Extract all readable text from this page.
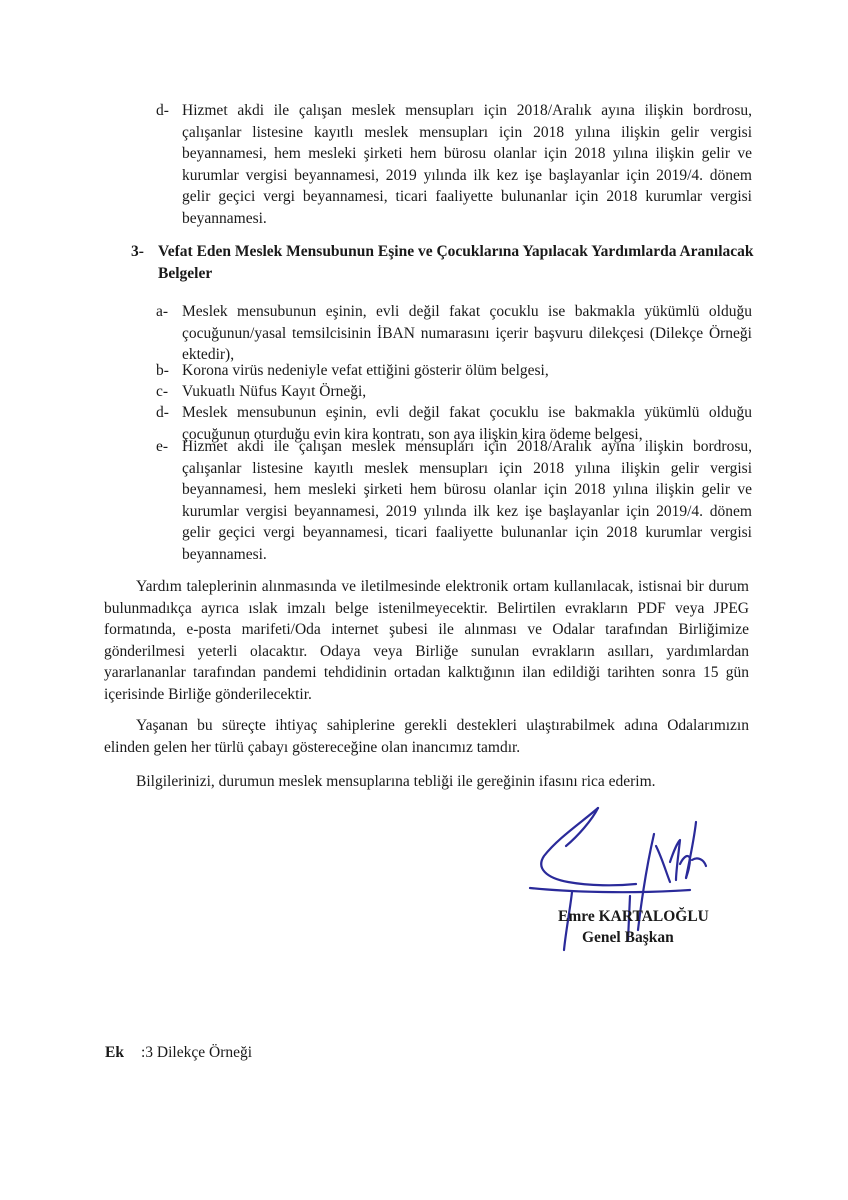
d- Hizmet akdi ile çalışan meslek mensupları için 2018/Aralık ayına ilişkin bordrosu, çalışanlar listesine kayıtlı meslek mensupları için 2018 yılına ilişkin gelir vergisi beyannamesi, hem mesleki şirketi hem bürosu olanlar için 2018 yılına ilişkin gelir ve kurumlar vergisi beyannamesi, 2019 yılında ilk kez işe başlayanlar için 2019/4. dönem gelir geçici vergi beyannamesi, ticari faaliyette bulunanlar için 2018 kurumlar vergisi beyannamesi.
3- Vefat Eden Meslek Mensubunun Eşine ve Çocuklarına Yapılacak Yardımlarda Aranılacak Belgeler
a- Meslek mensubunun eşinin, evli değil fakat çocuklu ise bakmakla yükümlü olduğu çocuğunun/yasal temsilcisinin İBAN numarasını içerir başvuru dilekçesi (Dilekçe Örneği ektedir),
b- Korona virüs nedeniyle vefat ettiğini gösterir ölüm belgesi,
c- Vukuatlı Nüfus Kayıt Örneği,
d- Meslek mensubunun eşinin, evli değil fakat çocuklu ise bakmakla yükümlü olduğu çocuğunun oturduğu evin kira kontratı, son aya ilişkin kira ödeme belgesi,
e- Hizmet akdi ile çalışan meslek mensupları için 2018/Aralık ayına ilişkin bordrosu, çalışanlar listesine kayıtlı meslek mensupları için 2018 yılına ilişkin gelir vergisi beyannamesi, hem mesleki şirketi hem bürosu olanlar için 2018 yılına ilişkin gelir ve kurumlar vergisi beyannamesi, 2019 yılında ilk kez işe başlayanlar için 2019/4. dönem gelir geçici vergi beyannamesi, ticari faaliyette bulunanlar için 2018 kurumlar vergisi beyannamesi.
Yardım taleplerinin alınmasında ve iletilmesinde elektronik ortam kullanılacak, istisnai bir durum bulunmadıkça ayrıca ıslak imzalı belge istenilmeyecektir. Belirtilen evrakların PDF veya JPEG formatında, e-posta marifeti/Oda internet şubesi ile alınması ve Odalar tarafından Birliğimize gönderilmesi yeterli olacaktır. Odaya veya Birliğe sunulan evrakların asılları, yardımlardan yararlananlar tarafından pandemi tehdidinin ortadan kalktığının ilan edildiği tarihten sonra 15 gün içerisinde Birliğe gönderilecektir.
Yaşanan bu süreçte ihtiyaç sahiplerine gerekli destekleri ulaştırabilmek adına Odalarımızın elinden gelen her türlü çabayı göstereceğine olan inancımız tamdır.
Bilgilerinizi, durumun meslek mensuplarına tebliği ile gereğinin ifasını rica ederim.
Emre KARTALOĞLU
Genel Başkan
Ek :3 Dilekçe Örneği
